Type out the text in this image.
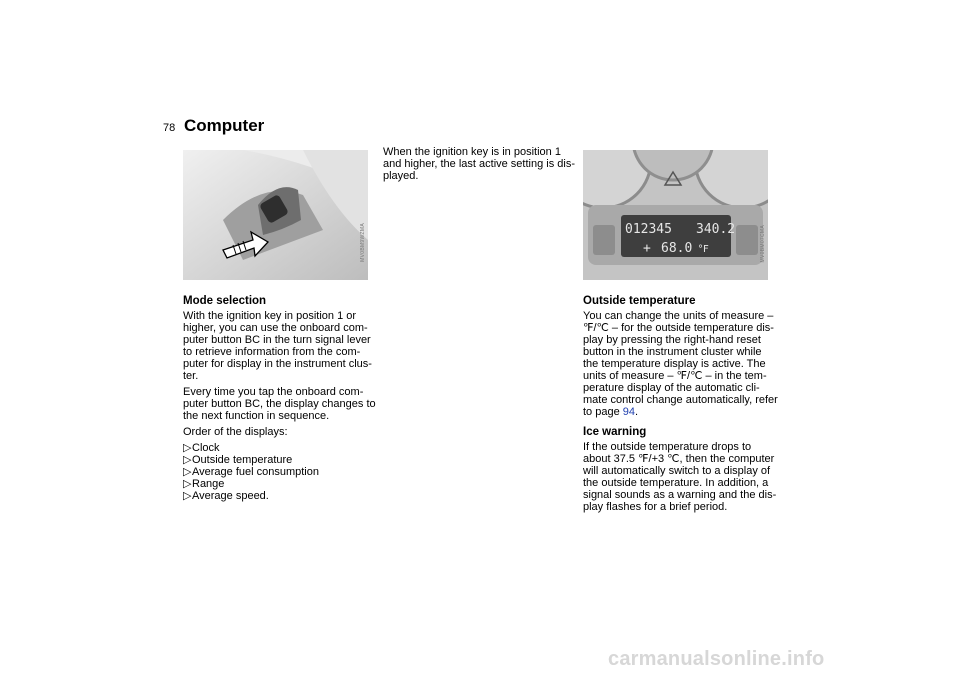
78 Computer
MV0BM9WZMA
Mode selection

With the ignition key in position 1 or higher, you can use the onboard com-puter button BC in the turn signal lever to retrieve information from the com-puter for display in the instrument clus-ter.

Every time you tap the onboard com-puter button BC, the display changes to the next function in sequence.

Order of the displays:

▷ Clock
▷ Outside temperature
▷ Average fuel consumption
▷ Range
▷ Average speed.

When the ignition key is in position 1 and higher, the last active setting is dis-played.

012345 340.2
+ 68.0 °F	MV0BM07CMA
Outside temperature

You can change the units of measure – ℉/℃ – for the outside temperature dis-play by pressing the right-hand reset button in the instrument cluster while the temperature display is active. The units of measure – ℉/℃ – in the tem-perature display of the automatic cli-mate control change automatically, refer to page 94.

Ice warning

If the outside temperature drops to about 37.5 ℉/+3 ℃, then the computer will automatically switch to a display of the outside temperature. In addition, a signal sounds as a warning and the dis-play flashes for a brief period.

carmanualsonline.info
